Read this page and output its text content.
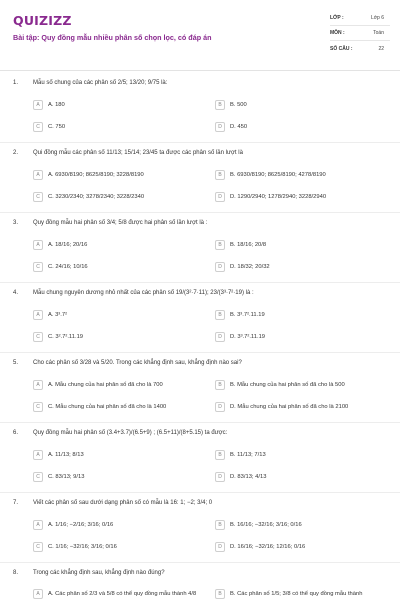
QUIZIZZ
Bài tập: Quy đồng mẫu nhiều phân số chọn lọc, có đáp án
LỚP :	Lớp 6
MÔN :	Toán
SỐ CÂU :	22
1. Mẫu số chung của các phân số 2/5; 13/20; 9/75 là:
A	A. 180	B	B. 500
C	C. 750	D	D. 450
2. Qui đồng mẫu các phân số 11/13; 15/14; 23/45 ta được các phân số lần lượt là
A	A. 6930/8190; 8625/8190; 3228/8190	B	B. 6930/8190; 8625/8190; 4278/8190
C	C. 3230/2340; 3278/2340; 3228/2340	D	D. 1290/2940; 1278/2940; 3228/2940
3. Quy đồng mẫu hai phân số 3/4; 5/8 được hai phân số lần lượt là :
A	A. 18/16; 20/16	B	B. 18/16; 20/8
C	C. 24/16; 10/16	D	D. 18/32; 20/32
4. Mẫu chung nguyên dương nhỏ nhất của các phân số 19/(3²·7·11); 23/(3³·7²·19) là :
A	A. 3³.7²	B	B. 3³.7².11.19
C	C. 3².7².11.19	D	D. 3³.7².11.19
5. Cho các phân số 3/28 và 5/20. Trong các khẳng định sau, khẳng định nào sai?
A	A. Mẫu chung của hai phân số đã cho là 700	B	B. Mẫu chung của hai phân số đã cho là 500
C	C. Mẫu chung của hai phân số đã cho là 1400	D	D. Mẫu chung của hai phân số đã cho là 2100
6. Quy đồng mẫu hai phân số (3.4+3.7)/(6.5+9) ; (6.5+11)/(8+5.15) ta được:
A	A. 11/13; 8/13	B	B. 11/13; 7/13
C	C. 83/13; 9/13	D	D. 83/13; 4/13
7. Viết các phân số sau dưới dạng phân số có mẫu là 16: 1; −2; 3/4; 0
A	A. 1/16; −2/16; 3/16; 0/16	B	B. 16/16; −32/16; 3/16; 0/16
C	C. 1/16; −32/16; 3/16; 0/16	D	D. 16/16; −32/16; 12/16; 0/16
8. Trong các khẳng định sau, khẳng định nào đúng?
A	A. Các phân số 2/3 và 5/8 có thể quy đồng mẫu thành 4/8	B	B. Các phân số 1/5; 3/8 có thể quy đồng mẫu thành
